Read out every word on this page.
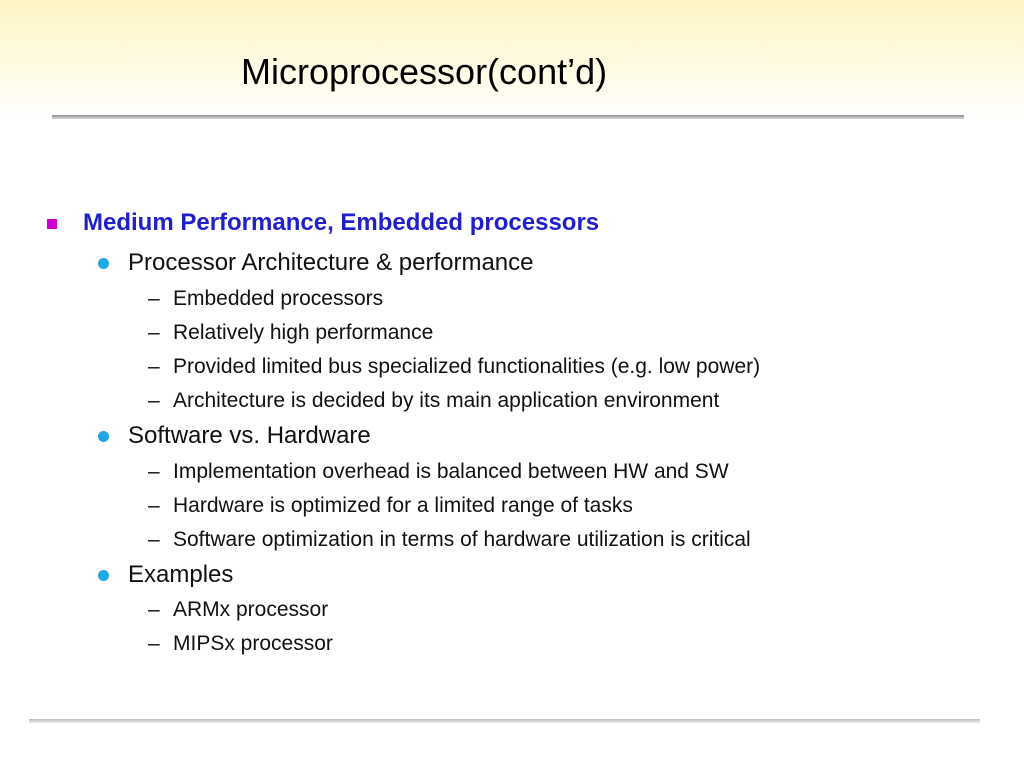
Microprocessor(cont’d)
Medium Performance, Embedded processors
Processor Architecture & performance
– Embedded processors
– Relatively high performance
– Provided limited bus specialized functionalities (e.g. low power)
– Architecture is decided by its main application environment
Software vs. Hardware
– Implementation overhead is balanced between HW and SW
– Hardware is optimized for a limited range of tasks
– Software optimization in terms of hardware utilization is critical
Examples
– ARMx processor
– MIPSx processor
